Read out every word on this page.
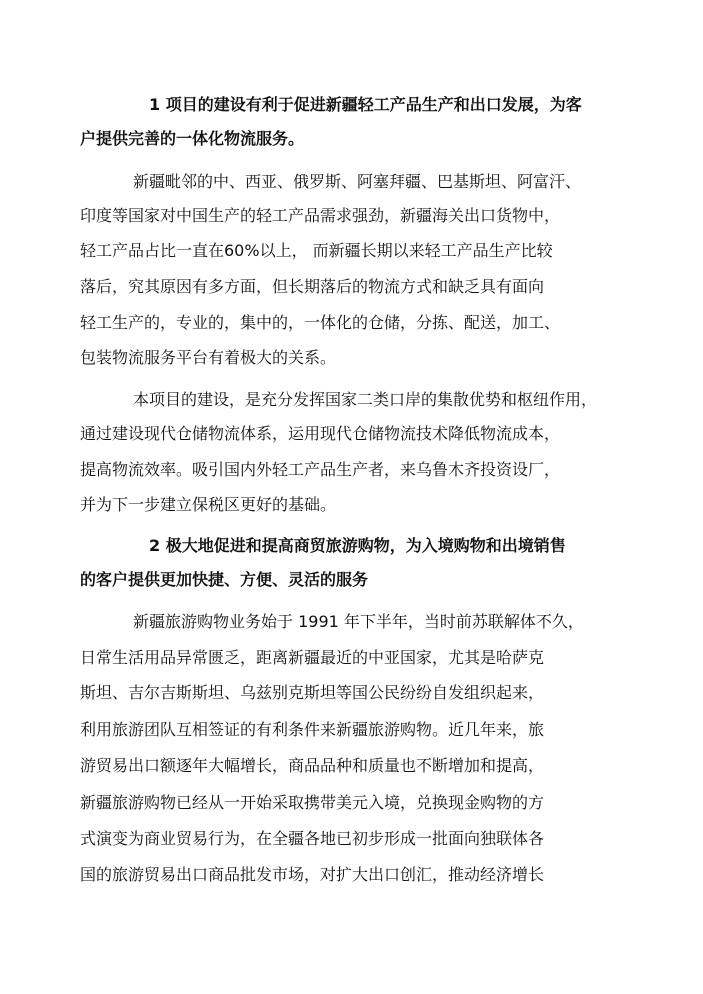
1 项目的建设有利于促进新疆轻工产品生产和出口发展，为客
户提供完善的一体化物流服务。
新疆毗邻的中、西亚、俄罗斯、阿塞拜疆、巴基斯坦、阿富汗、
印度等国家对中国生产的轻工产品需求强劲，新疆海关出口货物中，
轻工产品占比一直在60%以上， 而新疆长期以来轻工产品生产比较
落后，究其原因有多方面，但长期落后的物流方式和缺乏具有面向
轻工生产的，专业的，集中的，一体化的仓储，分拣、配送，加工、
包装物流服务平台有着极大的关系。
本项目的建设，是充分发挥国家二类口岸的集散优势和枢纽作用，
通过建设现代仓储物流体系，运用现代仓储物流技术降低物流成本，
提高物流效率。吸引国内外轻工产品生产者，来乌鲁木齐投资设厂，
并为下一步建立保税区更好的基础。
2 极大地促进和提高商贸旅游购物，为入境购物和出境销售
的客户提供更加快捷、方便、灵活的服务
新疆旅游购物业务始于 1991 年下半年，当时前苏联解体不久，
日常生活用品异常匮乏，距离新疆最近的中亚国家，尤其是哈萨克
斯坦、吉尔吉斯斯坦、乌兹别克斯坦等国公民纷纷自发组织起来，
利用旅游团队互相签证的有利条件来新疆旅游购物。近几年来，旅
游贸易出口额逐年大幅增长，商品品种和质量也不断增加和提高，
新疆旅游购物已经从一开始采取携带美元入境，兑换现金购物的方
式演变为商业贸易行为，在全疆各地已初步形成一批面向独联体各
国的旅游贸易出口商品批发市场，对扩大出口创汇，推动经济增长
